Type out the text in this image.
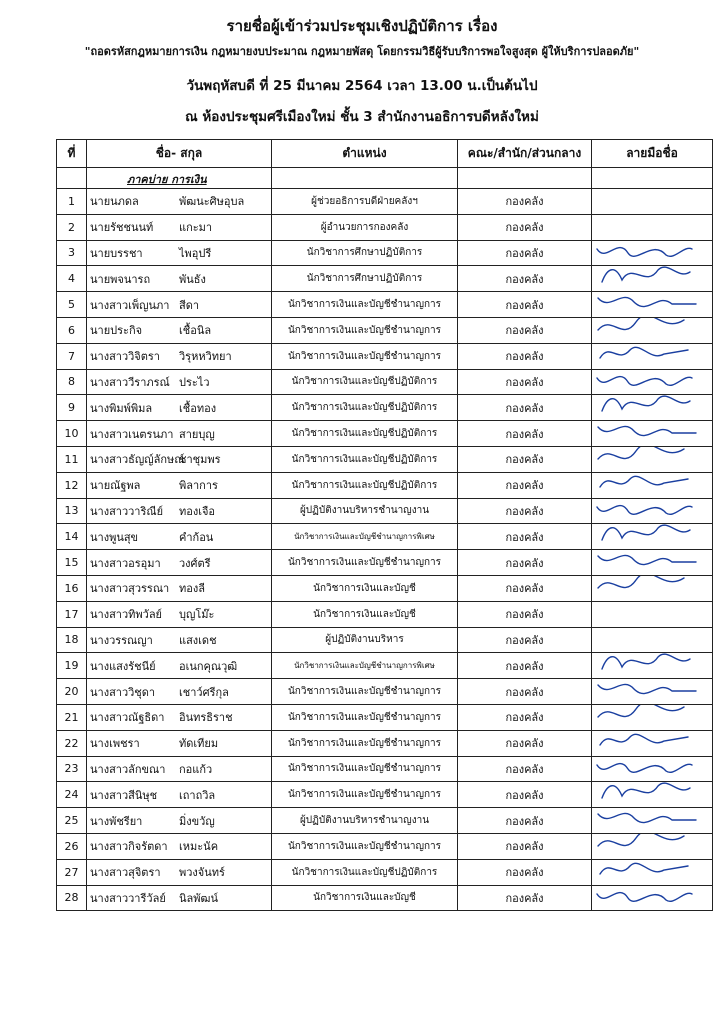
รายชื่อผู้เข้าร่วมประชุมเชิงปฏิบัติการ เรื่อง
"ถอดรหัสกฎหมายการเงิน กฎหมายงบประมาณ กฎหมายพัสดุ โดยกรรมวิธีผู้รับบริการพอใจสูงสุด ผู้ให้บริการปลอดภัย"
วันพฤหัสบดี ที่ 25 มีนาคม 2564 เวลา 13.00 น.เป็นต้นไป
ณ ห้องประชุมศรีเมืองใหม่ ชั้น 3 สำนักงานอธิการบดีหลังใหม่
ที่	ชื่อ- สกุล	ตำแหน่ง	คณะ/สำนัก/ส่วนกลาง	ลายมือชื่อ
	ภาคบ่าย การเงิน			
1	นายนภดล พัฒนะศิษอุบล	ผู้ช่วยอธิการบดีฝ่ายคลังฯ	กองคลัง	
2	นายรัชชนนท์ แกะมา	ผู้อำนวยการกองคลัง	กองคลัง	
3	นายบรรชา ไพอุปรี	นักวิชาการศึกษาปฏิบัติการ	กองคลัง	

4	นายพจนารถ พันธัง	นักวิชาการศึกษาปฏิบัติการ	กองคลัง	

5	นางสาวเพ็ญนภา สีดา	นักวิชาการเงินและบัญชีชำนาญการ	กองคลัง	

6	นายประกิจ เชื้อนิล	นักวิชาการเงินและบัญชีชำนาญการ	กองคลัง	

7	นางสาววิจิตรา วิรุหหวิทยา	นักวิชาการเงินและบัญชีชำนาญการ	กองคลัง	

8	นางสาววีราภรณ์ ประไว	นักวิชาการเงินและบัญชีปฏิบัติการ	กองคลัง	

9	นางพิมพ์พิมล เชื้อทอง	นักวิชาการเงินและบัญชีปฏิบัติการ	กองคลัง	

10	นางสาวเนตรนภา สายบุญ	นักวิชาการเงินและบัญชีปฏิบัติการ	กองคลัง	

11	นางสาวธัญญ์ลักษณ์ชาชุมพร	นักวิชาการเงินและบัญชีปฏิบัติการ	กองคลัง	

12	นายณัฐพล พิลาการ	นักวิชาการเงินและบัญชีปฏิบัติการ	กองคลัง	

13	นางสาววาริณีย์ ทองเจือ	ผู้ปฏิบัติงานบริหารชำนาญงาน	กองคลัง	

14	นางพูนสุข คำก้อน	นักวิชาการเงินและบัญชีชำนาญการพิเศษ	กองคลัง	

15	นางสาวอรอุมา วงศ์ตรี	นักวิชาการเงินและบัญชีชำนาญการ	กองคลัง	

16	นางสาวสุวรรณา ทองลี	นักวิชาการเงินและบัญชี	กองคลัง	

17	นางสาวทิพวัลย์ บุญโม๊ะ	นักวิชาการเงินและบัญชี	กองคลัง	
18	นางวรรณญา แสงเดช	ผู้ปฏิบัติงานบริหาร	กองคลัง	
19	นางแสงรัชนีย์ อเนกคุณวุฒิ	นักวิชาการเงินและบัญชีชำนาญการพิเศษ	กองคลัง	

20	นางสาววิชุดา เชาว์ศรีกุล	นักวิชาการเงินและบัญชีชำนาญการ	กองคลัง	

21	นางสาวณัฐธิดา อินทรธิราช	นักวิชาการเงินและบัญชีชำนาญการ	กองคลัง	

22	นางเพชรา ทัดเทียม	นักวิชาการเงินและบัญชีชำนาญการ	กองคลัง	

23	นางสาวลักขณา กอแก้ว	นักวิชาการเงินและบัญชีชำนาญการ	กองคลัง	

24	นางสาวสีนิษุช เถาถวิล	นักวิชาการเงินและบัญชีชำนาญการ	กองคลัง	

25	นางพัชรียา มิ่งขวัญ	ผู้ปฏิบัติงานบริหารชำนาญงาน	กองคลัง	

26	นางสาวกิจรัตดา เหมะนัค	นักวิชาการเงินและบัญชีชำนาญการ	กองคลัง	

27	นางสาวสุจิตรา พวงจันทร์	นักวิชาการเงินและบัญชีปฏิบัติการ	กองคลัง	

28	นางสาววารีวัลย์ นิลพัฒน์	นักวิชาการเงินและบัญชี	กองคลัง	
